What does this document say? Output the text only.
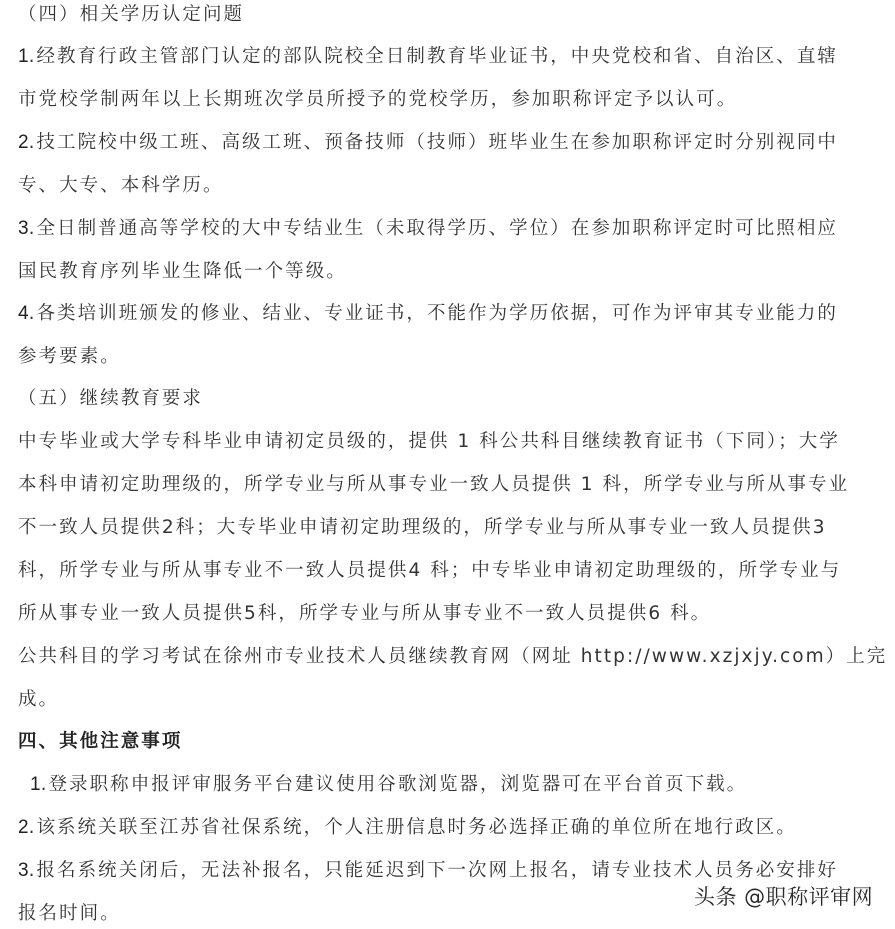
（四）相关学历认定问题
1.经教育行政主管部门认定的部队院校全日制教育毕业证书，中央党校和省、自治区、直辖
市党校学制两年以上长期班次学员所授予的党校学历，参加职称评定予以认可。
2.技工院校中级工班、高级工班、预备技师（技师）班毕业生在参加职称评定时分别视同中
专、大专、本科学历。
3.全日制普通高等学校的大中专结业生（未取得学历、学位）在参加职称评定时可比照相应
国民教育序列毕业生降低一个等级。
4.各类培训班颁发的修业、结业、专业证书，不能作为学历依据，可作为评审其专业能力的
参考要素。
（五）继续教育要求
中专毕业或大学专科毕业申请初定员级的，提供 1 科公共科目继续教育证书（下同）；大学
本科申请初定助理级的，所学专业与所从事专业一致人员提供 1 科，所学专业与所从事专业
不一致人员提供2科；大专毕业申请初定助理级的，所学专业与所从事专业一致人员提供3
科，所学专业与所从事专业不一致人员提供4 科；中专毕业申请初定助理级的，所学专业与
所从事专业一致人员提供5科，所学专业与所从事专业不一致人员提供6 科。
公共科目的学习考试在徐州市专业技术人员继续教育网（网址 http://www.xzjxjy.com）上完
成。
四、其他注意事项
1.登录职称申报评审服务平台建议使用谷歌浏览器，浏览器可在平台首页下载。
2.该系统关联至江苏省社保系统，个人注册信息时务必选择正确的单位所在地行政区。
3.报名系统关闭后，无法补报名，只能延迟到下一次网上报名，请专业技术人员务必安排好
报名时间。
头条 @职称评审网
